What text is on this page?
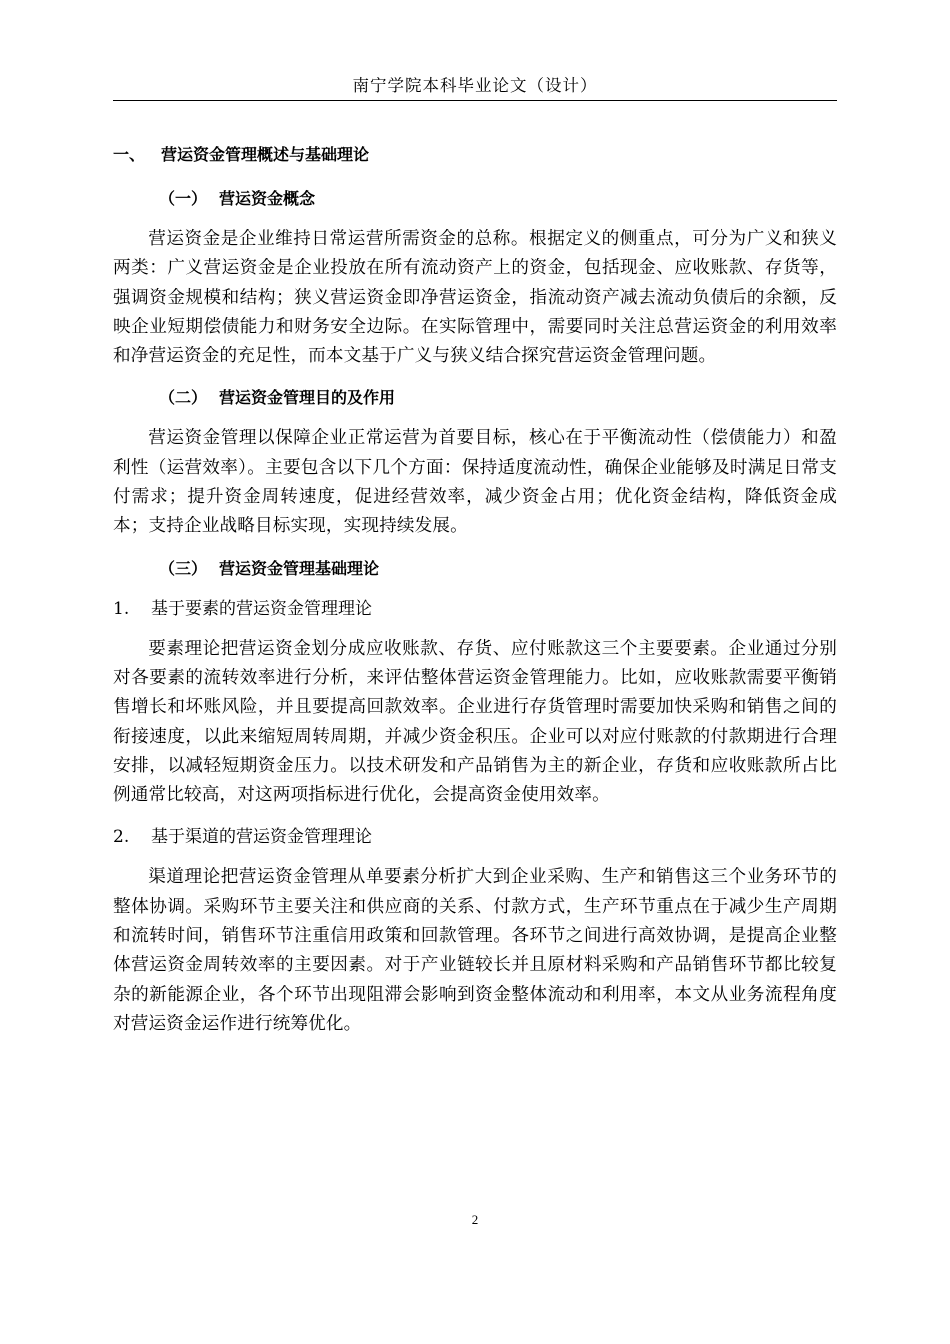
南宁学院本科毕业论文（设计）
一、 营运资金管理概述与基础理论
（一） 营运资金概念

营运资金是企业维持日常运营所需资金的总称。根据定义的侧重点，可分为广义和狭义两类：广义营运资金是企业投放在所有流动资产上的资金，包括现金、应收账款、存货等，强调资金规模和结构；狭义营运资金即净营运资金，指流动资产减去流动负债后的余额，反映企业短期偿债能力和财务安全边际。在实际管理中，需要同时关注总营运资金的利用效率和净营运资金的充足性，而本文基于广义与狭义结合探究营运资金管理问题。

（二） 营运资金管理目的及作用

营运资金管理以保障企业正常运营为首要目标，核心在于平衡流动性（偿债能力）和盈利性（运营效率）。主要包含以下几个方面：保持适度流动性，确保企业能够及时满足日常支付需求；提升资金周转速度，促进经营效率，减少资金占用；优化资金结构，降低资金成本；支持企业战略目标实现，实现持续发展。

（三） 营运资金管理基础理论
1. 基于要素的营运资金管理理论

要素理论把营运资金划分成应收账款、存货、应付账款这三个主要要素。企业通过分别对各要素的流转效率进行分析，来评估整体营运资金管理能力。比如，应收账款需要平衡销售增长和坏账风险，并且要提高回款效率。企业进行存货管理时需要加快采购和销售之间的衔接速度，以此来缩短周转周期，并减少资金积压。企业可以对应付账款的付款期进行合理安排，以减轻短期资金压力。以技术研发和产品销售为主的新企业，存货和应收账款所占比例通常比较高，对这两项指标进行优化，会提高资金使用效率。

2. 基于渠道的营运资金管理理论

渠道理论把营运资金管理从单要素分析扩大到企业采购、生产和销售这三个业务环节的整体协调。采购环节主要关注和供应商的关系、付款方式，生产环节重点在于减少生产周期和流转时间，销售环节注重信用政策和回款管理。各环节之间进行高效协调，是提高企业整体营运资金周转效率的主要因素。对于产业链较长并且原材料采购和产品销售环节都比较复杂的新能源企业，各个环节出现阻滞会影响到资金整体流动和利用率，本文从业务流程角度对营运资金运作进行统筹优化。

2
